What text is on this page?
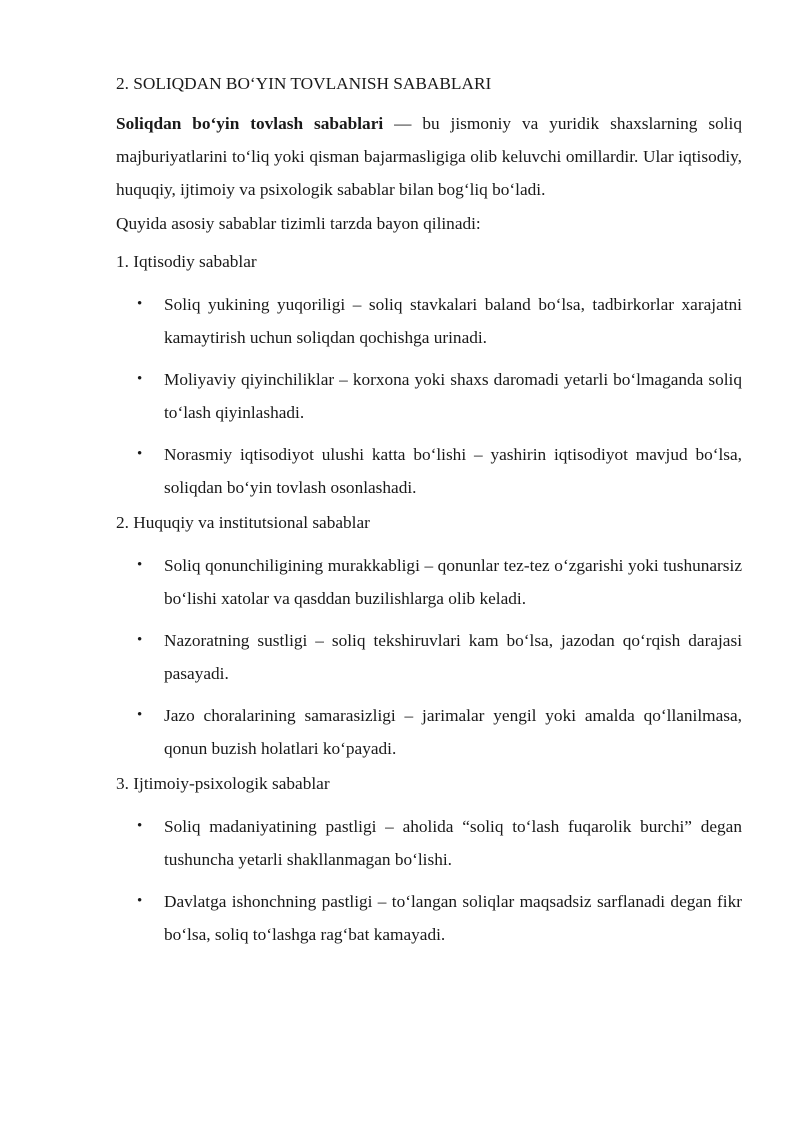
2. SOLIQDAN BO‘YIN TOVLANISH SABABLARI

Soliqdan bo‘yin tovlash sabablari — bu jismoniy va yuridik shaxslarning soliq majburiyatlarini to‘liq yoki qisman bajarmasligiga olib keluvchi omillardir. Ular iqtisodiy, huquqiy, ijtimoiy va psixologik sabablar bilan bog‘liq bo‘ladi.

Quyida asosiy sabablar tizimli tarzda bayon qilinadi:

1. Iqtisodiy sabablar

• Soliq yukining yuqoriligi – soliq stavkalari baland bo‘lsa, tadbirkorlar xarajatni kamaytirish uchun soliqdan qochishga urinadi.
• Moliyaviy qiyinchiliklar – korxona yoki shaxs daromadi yetarli bo‘lmaganda soliq to‘lash qiyinlashadi.
• Norasmiy iqtisodiyot ulushi katta bo‘lishi – yashirin iqtisodiyot mavjud bo‘lsa, soliqdan bo‘yin tovlash osonlashadi.

2. Huquqiy va institutsional sabablar

• Soliq qonunchiligining murakkabligi – qonunlar tez-tez o‘zgarishi yoki tushunarsiz bo‘lishi xatolar va qasddan buzilishlarga olib keladi.
• Nazoratning sustligi – soliq tekshiruvlari kam bo‘lsa, jazodan qo‘rqish darajasi pasayadi.
• Jazo choralarining samarasizligi – jarimalar yengil yoki amalda qo‘llanilmasa, qonun buzish holatlari ko‘payadi.

3. Ijtimoiy-psixologik sabablar

• Soliq madaniyatining pastligi – aholida “soliq to‘lash fuqarolik burchi” degan tushuncha yetarli shakllanmagan bo‘lishi.
• Davlatga ishonchning pastligi – to‘langan soliqlar maqsadsiz sarflanadi degan fikr bo‘lsa, soliq to‘lashga rag‘bat kamayadi.
